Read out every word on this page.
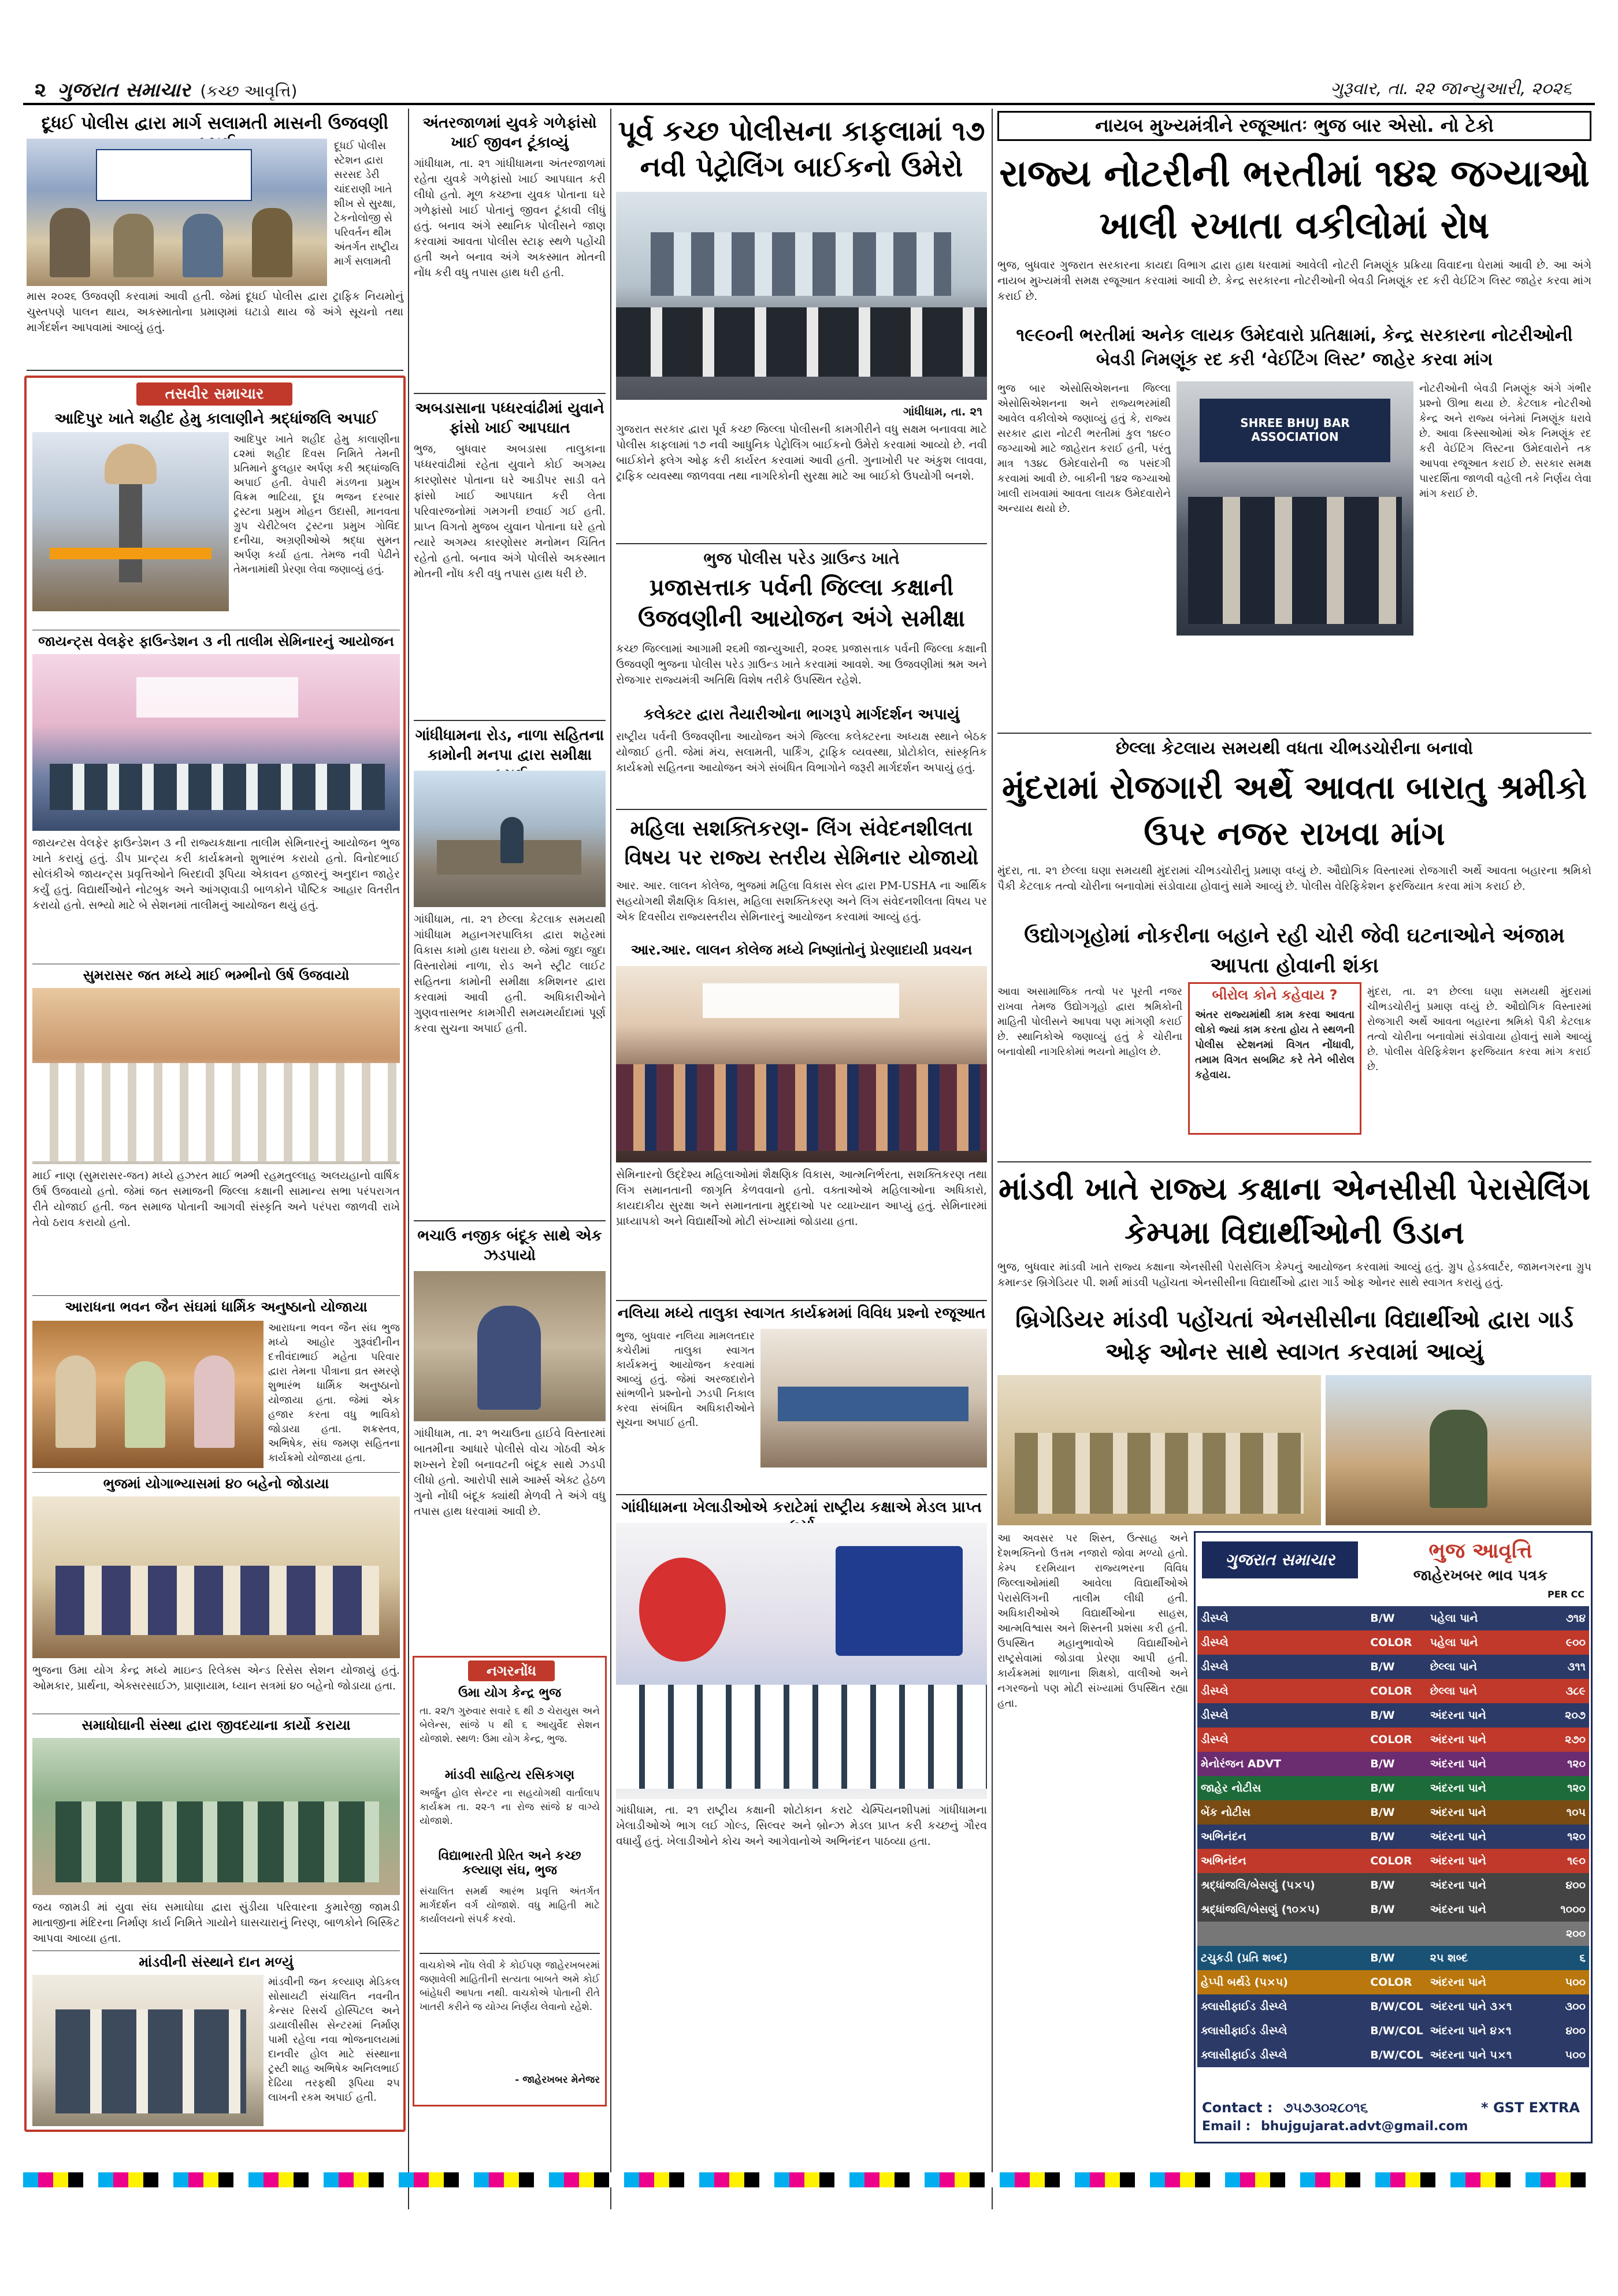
૨ ગુજરાત સમાચાર (કચ્છ આવૃત્તિ)	ગુરૂવાર, તા. ૨૨ જાન્યુઆરી, ૨૦૨૬
દૂધઈ પોલીસ દ્વારા માર્ગ સલામતી માસની ઉજવણી
દૂધઈ પોલીસ સ્ટેશન દ્વારા સરસદ ડેરી ચાંદરાણી ખાતે શીખ સે સુરક્ષા, ટેકનોલોજી સે પરિવર્તન થીમ અંતર્ગત રાષ્ટ્રીય માર્ગ સલામતી
માસ ૨૦૨૬ ઉજવણી કરવામાં આવી હતી. જેમાં દૂધઈ પોલીસ દ્વારા ટ્રાફિક નિયમોનું ચુસ્તપણે પાલન થાય, અકસ્માતોના પ્રમાણમાં ઘટાડો થાય જે અંગે સૂચનો તથા માર્ગદર્શન આપવામાં આવ્યું હતું.
તસવીર સમાચાર
આદિપુર ખાતે શહીદ હેમુ કાલાણીને શ્રદ્ધાંજલિ અપાઈ
આદિપુર ખાતે શહીદ હેમુ કાલાણીના ૮૨માં શહીદ દિવસ નિમિતે તેમની પ્રતિમાને ફુલહાર અર્પણ કરી શ્રદ્ધાંજલિ અપાઈ હતી. વેપારી મંડળના પ્રમુખ વિક્રમ ભાટિયા, દૂધ ભજન દરબાર ટ્રસ્ટના પ્રમુખ મોહન ઉદાસી, માનવતા ગ્રુપ ચેરીટેબલ ટ્રસ્ટના પ્રમુખ ગોવિંદ દનીચા, અગ્રણીઓએ શ્રદ્ધા સુમન અર્પણ કર્યા હતા. તેમજ નવી પેઢીને તેમનામાંથી પ્રેરણા લેવા જણાવ્યું હતું.
જાયન્ટ્સ વેલફેર ફાઉન્ડેશન ૩ ની તાલીમ સેમિનારનું આયોજન
જાયન્ટસ વેલફેર ફાઉન્ડેશન ૩ ની રાજ્યકક્ષાના તાલીમ સેમિનારનું આયોજન ભુજ ખાતે કરાયું હતું. ડીપ પ્રાન્ટ્ય કરી કાર્યક્રમનો શુભારંભ કરાયો હતો. વિનોદભાઈ સોલંકીએ જાયન્ટ્સ પ્રવૃત્તિઓને બિરદાવી રૂપિયા એકાવન હજારનું અનુદાન જાહેર કર્યું હતું. વિદ્યાર્થીઓને નોટબુક અને આંગણવાડી બાળકોને પૌષ્ટિક આહાર વિતરીત કરાયો હતો. સભ્યો માટે બે સેશનમાં તાલીમનું આયોજન થયું હતું.
સુમરાસર જત મધ્યે માઈ ભમ્ભીનો ઉર્ષ ઉજવાયો
માઈ નાણ (સુમરાસર-જત) મધ્યે હઝરત માઈ ભમ્ભી રહમતુલ્લાહ અલયહાનો વાર્ષિક ઉર્ષ ઉજવાયો હતો. જેમાં જત સમાજની જિલ્લા કક્ષાની સામાન્ય સભા પરંપરાગત રીતે યોજાઈ હતી. જત સમાજ પોતાની આગવી સંસ્કૃતિ અને પરંપરા જાળવી રાખે તેવો ઠરાવ કરાયો હતો.
આરાધના ભવન જૈન સંઘમાં ધાર્મિક અનુષ્ઠાનો યોજાયા
આરાધના ભવન જૈન સંઘ ભુજ મધ્યે આહોર ગુરૂવંદીનીન દત્તીવંદાભાઈ મહેતા પરિવાર દ્વારા તેમના પીત્રાના વ્રત સ્મરણે શુભારંભ ધાર્મિક અનુષ્ઠાનો યોજાયા હતા. જેમાં એક હજાર કરતા વધુ ભાવિકો જોડાયા હતા. શક્રસ્તવ, અભિષેક, સંઘ જમણ સહિતના કાર્યક્રમો યોજાયા હતા.
ભુજમાં યોગાભ્યાસમાં ૪૦ બહેનો જોડાયા
ભુજના ઉમા યોગ કેન્દ્ર મધ્યે માઇન્ડ રિલેક્સ એન્ડ રિસેસ સેશન યોજાયું હતું. ઓમકાર, પ્રાર્થના, એક્સરસાઈઝ, પ્રાણાયામ, ધ્યાન સત્રમાં ૪૦ બહેનો જોડાયા હતા.
સમાધોઘાની સંસ્થા દ્વારા જીવદયાના કાર્યો કરાયા
જય જામડી માં યુવા સંઘ સમાઘોઘા દ્વારા સુંડીયા પરિવારના કુમારેજી જામડી માતાજીના મંદિરના નિર્માણ કાર્ય નિમિતે ગાયોને ઘાસચારાનું નિરણ, બાળકોને બિસ્કિટ આપવા આવ્યા હતા.
માંડવીની સંસ્થાને દાન મળ્યું
માંડવીની જન કલ્યાણ મેડિકલ સોસાયટી સંચાલિત નવનીત કેન્સર રિસર્ચ હોસ્પિટલ અને ડાયાલીસીસ સેન્ટરમાં નિર્માણ પામી રહેલા નવા ભોજનાલયમાં દાનવીર હોલ માટે સંસ્થાના ટ્રસ્ટી શાહ અભિષેક અનિલભાઈ દેઢિયા તરફથી રૂપિયા ૨૫ લાખની રકમ અપાઈ હતી.
અંતરજાળમાં યુવકે ગળેફાંસો ખાઈ જીવન ટૂંકાવ્યું
ગાંધીધામ, તા. ૨૧ ગાંધીધામના અંતરજાળમાં રહેતા યુવકે ગળેફાંસો ખાઈ આપઘાત કરી લીધો હતો. મૂળ કચ્છના યુવક પોતાના ઘરે ગળેફાંસો ખાઈ પોતાનું જીવન ટૂંકાવી લીધું હતું. બનાવ અંગે સ્થાનિક પોલીસને જાણ કરવામાં આવતા પોલીસ સ્ટાફ સ્થળે પહોંચી હતી અને બનાવ અંગે અકસ્માત મોતની નોંધ કરી વધુ તપાસ હાથ ધરી હતી.
અબડાસાના પધ્ધરવાંઢીમાં યુવાને ફાંસો ખાઈ આપઘાત
ભુજ, બુધવાર અબડાસા તાલુકાના પધ્ધરવાંઢીમાં રહેતા યુવાને કોઈ અગમ્ય કારણોસર પોતાના ઘરે આડીપર સાડી વતે ફાંસો ખાઈ આપઘાત કરી લેતા પરિવારજનોમાં ગમગની છવાઈ ગઈ હતી. પ્રાપ્ત વિગતો મુજબ યુવાન પોતાના ઘરે હતો ત્યારે અગમ્ય કારણોસર મનોમન ચિંતિત રહેતો હતો. બનાવ અંગે પોલીસે અકસ્માત મોતની નોંધ કરી વધુ તપાસ હાથ ધરી છે.
ગાંધીધામના રોડ, નાળા સહિતના કામોની મનપા દ્વારા સમીક્ષા
ગાંધીધામ, તા. ૨૧ છેલ્લા કેટલાક સમયથી ગાંધીધામ મહાનગરપાલિકા દ્વારા શહેરમાં વિકાસ કામો હાથ ધરાયા છે. જેમાં જુદા જુદા વિસ્તારોમાં નાળા, રોડ અને સ્ટ્રીટ લાઈટ સહિતના કામોની સમીક્ષા કમિશનર દ્વારા કરવામાં આવી હતી. અધિકારીઓને ગુણવત્તાસભર કામગીરી સમયમર્યાદામાં પૂર્ણ કરવા સુચના અપાઈ હતી.
ભચાઉ નજીક બંદૂક સાથે એક ઝડપાયો
ગાંધીધામ, તા. ૨૧ ભચાઉના હાઈવે વિસ્તારમાં બાતમીના આધારે પોલીસે વોચ ગોઠવી એક શખ્સને દેશી બનાવટની બંદૂક સાથે ઝડપી લીધો હતો. આરોપી સામે આર્મ્સ એક્ટ હેઠળ ગુનો નોંધી બંદૂક ક્યાંથી મેળવી તે અંગે વધુ તપાસ હાથ ધરવામાં આવી છે.
નગરનોંધ
ઉમા યોગ કેન્દ્ર ભુજ
તા. ૨૨/૧ ગુરુવાર સવારે ૬ થી ૭ ચેરાયુસ અને બેલેન્સ, સાંજે ૫ થી ૬ આયુર્વેદ સેશન યોજાશે. સ્થળ: ઉમા યોગ કેન્દ્ર, ભુજ.
માંડવી સાહિત્ય રસિકગણ
અર્જુન હોલ સેન્ટર ના સહયોગથી વાર્તાલાપ કાર્યક્રમ તા. ૨૨-૧ ના રોજ સાંજે ૪ વાગ્યે યોજાશે.
વિદ્યાભારતી પ્રેરિત અને કચ્છ કલ્યાણ સંઘ, ભુજ
સંચાલિત સમર્થ આરંભ પ્રવૃત્તિ અંતર્ગત માર્ગદર્શન વર્ગ યોજાશે. વધુ માહિતી માટે કાર્યાલયનો સંપર્ક કરવો.
વાચકોએ નોંધ લેવી કે કોઈપણ જાહેરખબરમાં જણાવેલી માહિતીની સત્યતા બાબતે અમે કોઈ બાંહેધરી આપતા નથી. વાચકોએ પોતાની રીતે ખાતરી કરીને જ યોગ્ય નિર્ણય લેવાનો રહેશે.
- જાહેરખબર મેનેજર
પૂર્વ કચ્છ પોલીસના કાફલામાં ૧૭ નવી પેટ્રોલિંગ બાઈકનો ઉમેરો
ગાંધીધામ, તા. ૨૧
ગુજરાત સરકાર દ્વારા પૂર્વ કચ્છ જિલ્લા પોલીસની કામગીરીને વધુ સક્ષમ બનાવવા માટે પોલીસ કાફલામાં ૧૭ નવી આધુનિક પેટ્રોલિંગ બાઈકનો ઉમેરો કરવામાં આવ્યો છે. નવી બાઈકોને ફ્લેગ ઓફ કરી કાર્યરત કરવામાં આવી હતી. ગુનાખોરી પર અંકુશ લાવવા, ટ્રાફિક વ્યવસ્થા જાળવવા તથા નાગરિકોની સુરક્ષા માટે આ બાઈકો ઉપયોગી બનશે.
ભુજ પોલીસ પરેડ ગ્રાઉન્ડ ખાતે
પ્રજાસત્તાક પર્વની જિલ્લા કક્ષાની ઉજવણીની આયોજન અંગે સમીક્ષા
કચ્છ જિલ્લામાં આગામી ૨૬મી જાન્યુઆરી, ૨૦૨૬ પ્રજાસત્તાક પર્વની જિલ્લા કક્ષાની ઉજવણી ભુજના પોલીસ પરેડ ગ્રાઉન્ડ ખાતે કરવામાં આવશે. આ ઉજવણીમાં શ્રમ અને રોજગાર રાજ્યમંત્રી અતિથિ વિશેષ તરીકે ઉપસ્થિત રહેશે.
કલેક્ટર દ્વારા તૈયારીઓના ભાગરૂપે માર્ગદર્શન અપાયું
રાષ્ટ્રીય પર્વની ઉજવણીના આયોજન અંગે જિલ્લા કલેક્ટરના અધ્યક્ષ સ્થાને બેઠક યોજાઈ હતી. જેમાં મંચ, સલામતી, પાર્કિંગ, ટ્રાફિક વ્યવસ્થા, પ્રોટોકોલ, સાંસ્કૃતિક કાર્યક્રમો સહિતના આયોજન અંગે સંબંધિત વિભાગોને જરૂરી માર્ગદર્શન અપાયું હતું.
મહિલા સશક્તિકરણ- લિંગ સંવેદનશીલતા વિષય પર રાજ્ય સ્તરીય સેમિનાર યોજાયો
આર. આર. લાલન કોલેજ, ભુજમાં મહિલા વિકાસ સેલ દ્વારા PM-USHA ના આર્થિક સહયોગથી શૈક્ષણિક વિકાસ, મહિલા સશક્તિકરણ અને લિંગ સંવેદનશીલતા વિષય પર એક દિવસીય રાજ્યસ્તરીય સેમિનારનું આયોજન કરવામાં આવ્યું હતું.
આર.આર. લાલન કોલેજ મધ્યે નિષ્ણાંતોનું પ્રેરણાદાયી પ્રવચન
સેમિનારનો ઉદ્દેશ્ય મહિલાઓમાં શૈક્ષણિક વિકાસ, આત્મનિર્ભરતા, સશક્તિકરણ તથા લિંગ સમાનતાની જાગૃતિ કેળવવાનો હતો. વક્તાઓએ મહિલાઓના અધિકારો, કાયદાકીય સુરક્ષા અને સમાનતાના મુદ્દાઓ પર વ્યાખ્યાન આપ્યું હતું. સેમિનારમાં પ્રાધ્યાપકો અને વિદ્યાર્થીઓ મોટી સંખ્યામાં જોડાયા હતા.
નલિયા મધ્યે તાલુકા સ્વાગત કાર્યક્રમમાં વિવિધ પ્રશ્નો રજૂઆત
ભુજ, બુધવાર નલિયા મામલતદાર કચેરીમાં તાલુકા સ્વાગત કાર્યક્રમનું આયોજન કરવામાં આવ્યું હતું. જેમાં અરજદારોને સાંભળીને પ્રશ્નોનો ઝડપી નિકાલ કરવા સંબંધિત અધિકારીઓને સૂચના અપાઈ હતી.
ગાંધીધામના ખેલાડીઓએ કરાટેમાં રાષ્ટ્રીય કક્ષાએ મેડલ પ્રાપ્ત
ગાંધીધામ, તા. ૨૧ રાષ્ટ્રીય કક્ષાની શોટોકાન કરાટે ચેમ્પિયનશીપમાં ગાંધીધામના ખેલાડીઓએ ભાગ લઈ ગોલ્ડ, સિલ્વર અને બ્રોન્ઝ મેડલ પ્રાપ્ત કરી કચ્છનું ગૌરવ વધાર્યું હતું. ખેલાડીઓને કોચ અને આગેવાનોએ અભિનંદન પાઠવ્યા હતા.
નાયબ મુખ્યમંત્રીને રજૂઆતઃ ભુજ બાર એસો. નો ટેકો
રાજ્ય નોટરીની ભરતીમાં ૧૪૨ જગ્યાઓ ખાલી રખાતા વકીલોમાં રોષ
ભુજ, બુધવાર ગુજરાત સરકારના કાયદા વિભાગ દ્વારા હાથ ધરવામાં આવેલી નોટરી નિમણૂંક પ્રક્રિયા વિવાદના ઘેરામાં આવી છે. આ અંગે નાયબ મુખ્યમંત્રી સમક્ષ રજૂઆત કરવામાં આવી છે. કેન્દ્ર સરકારના નોટરીઓની બેવડી નિમણૂંક રદ કરી વેઈટિંગ લિસ્ટ જાહેર કરવા માંગ કરાઈ છે.
૧૯૯૦ની ભરતીમાં અનેક લાયક ઉમેદવારો પ્રતિક્ષામાં, કેન્દ્ર સરકારના નોટરીઓની બેવડી નિમણૂંક રદ કરી ‘વેઈટિંગ લિસ્ટ’ જાહેર કરવા માંગ
ભુજ બાર એસોસિએશનના જિલ્લા એસોસિએશનના અને રાજ્યભરમાંથી આવેલ વકીલોએ જણાવ્યું હતું કે, રાજ્ય સરકાર દ્વારા નોટરી ભરતીમાં કુલ ૧૪૯૦ જગ્યાઓ માટે જાહેરાત કરાઈ હતી, પરંતુ માત્ર ૧૩૪૮ ઉમેદવારોની જ પસંદગી કરવામાં આવી છે. બાકીની ૧૪૨ જગ્યાઓ ખાલી રાખવામાં આવતા લાયક ઉમેદવારોને અન્યાય થયો છે.
SHREE BHUJ BAR ASSOCIATION
નોટરીઓની બેવડી નિમણૂંક અંગે ગંભીર પ્રશ્નો ઊભા થયા છે. કેટલાક નોટરીઓ કેન્દ્ર અને રાજ્ય બંનેમાં નિમણૂંક ધરાવે છે. આવા કિસ્સાઓમાં એક નિમણૂંક રદ કરી વેઈટિંગ લિસ્ટના ઉમેદવારોને તક આપવા રજૂઆત કરાઈ છે. સરકાર સમક્ષ પારદર્શિતા જાળવી વહેલી તકે નિર્ણય લેવા માંગ કરાઈ છે.
છેલ્લા કેટલાય સમયથી વધતા ચીભડચોરીના બનાવો
મુંદરામાં રોજગારી અર્થે આવતા બારાતુ શ્રમીકો ઉપર નજર રાખવા માંગ
મુંદરા, તા. ૨૧ છેલ્લા ઘણા સમયથી મુંદરામાં ચીભડચોરીનું પ્રમાણ વધ્યું છે. ઔદ્યોગિક વિસ્તારમાં રોજગારી અર્થે આવતા બહારના શ્રમિકો પૈકી કેટલાક તત્વો ચોરીના બનાવોમાં સંડોવાયા હોવાનું સામે આવ્યું છે. પોલીસ વેરિફિકેશન ફરજિયાત કરવા માંગ કરાઈ છે.
ઉદ્યોગગૃહોમાં નોકરીના બહાને રહી ચોરી જેવી ઘટનાઓને અંજામ આપતા હોવાની શંકા
આવા અસામાજિક તત્વો પર પૂરતી નજર રાખવા તેમજ ઉદ્યોગગૃહો દ્વારા શ્રમિકોની માહિતી પોલીસને આપવા પણ માંગણી કરાઈ છે. સ્થાનિકોએ જણાવ્યું હતું કે ચોરીના બનાવોથી નાગરિકોમાં ભયનો માહોલ છે.
બીરોલ કોને કહેવાય ?
અંતર રાજ્યમાંથી કામ કરવા આવતા લોકો જ્યાં કામ કરતા હોય તે સ્થળની પોલીસ સ્ટેશનમાં વિગત નોંધાવી, તમામ વિગત સબમિટ કરે તેને બીરોલ કહેવાય.
મુંદરા, તા. ૨૧ છેલ્લા ઘણા સમયથી મુંદરામાં ચીભડચોરીનું પ્રમાણ વધ્યું છે. ઔદ્યોગિક વિસ્તારમાં રોજગારી અર્થે આવતા બહારના શ્રમિકો પૈકી કેટલાક તત્વો ચોરીના બનાવોમાં સંડોવાયા હોવાનું સામે આવ્યું છે. પોલીસ વેરિફિકેશન ફરજિયાત કરવા માંગ કરાઈ છે.
માંડવી ખાતે રાજ્ય કક્ષાના એનસીસી પેરાસેલિંગ કેમ્પમા વિદ્યાર્થીઓની ઉડાન
ભુજ, બુધવાર માંડવી ખાતે રાજ્ય કક્ષાના એનસીસી પેરાસેલિંગ કેમ્પનું આયોજન કરવામાં આવ્યું હતું. ગ્રુપ હેડક્વાર્ટર, જામનગરના ગ્રુપ કમાન્ડર બ્રિગેડિયર પી. શર્મા માંડવી પહોંચતા એનસીસીના વિદ્યાર્થીઓ દ્વારા ગાર્ડ ઓફ ઓનર સાથે સ્વાગત કરાયું હતું.
બ્રિગેડિયર માંડવી પહોંચતાં એનસીસીના વિદ્યાર્થીઓ દ્વારા ગાર્ડ ઓફ ઓનર સાથે સ્વાગત કરવામાં આવ્યું
આ અવસર પર શિસ્ત, ઉત્સાહ અને દેશભક્તિનો ઉત્તમ નજારો જોવા મળ્યો હતો. કેમ્પ દરમિયાન રાજ્યભરના વિવિધ જિલ્લાઓમાંથી આવેલા વિદ્યાર્થીઓએ પેરાસેલિંગની તાલીમ લીધી હતી. અધિકારીઓએ વિદ્યાર્થીઓના સાહસ, આત્મવિશ્વાસ અને શિસ્તની પ્રશંસા કરી હતી. ઉપસ્થિત મહાનુભાવોએ વિદ્યાર્થીઓને રાષ્ટ્રસેવામાં જોડાવા પ્રેરણા આપી હતી. કાર્યક્રમમાં શાળાના શિક્ષકો, વાલીઓ અને નગરજનો પણ મોટી સંખ્યામાં ઉપસ્થિત રહ્યા હતા.
ગુજરાત સમાચાર	ભુજ આવૃત્તિ
જાહેરખબર ભાવ પત્રક
PER CC
ડીસ્પ્લે	B/W	પહેલા પાને	૭૧૪
ડીસ્પ્લે	COLOR	પહેલા પાને	૯૦૦
ડીસ્પ્લે	B/W	છેલ્લા પાને	૩૧૧
ડીસ્પ્લે	COLOR	છેલ્લા પાને	૩૮૯
ડીસ્પ્લે	B/W	અંદરના પાને	૨૦૭
ડીસ્પ્લે	COLOR	અંદરના પાને	૨૭૦
મેનોરંજન ADVT	B/W	અંદરના પાને	૧૨૦
જાહેર નોટીસ	B/W	અંદરના પાને	૧૨૦
બેંક નોટીસ	B/W	અંદરના પાને	૧૦૫
અભિનંદન	B/W	અંદરના પાને	૧૨૦
અભિનંદન	COLOR	અંદરના પાને	૧૯૦
શ્રદ્ધાંજલિ/બેસણું (૫×૫)	B/W	અંદરના પાને	૪૦૦
શ્રદ્ધાંજલિ/બેસણું (૧૦×૫)	B/W	અંદરના પાને	૧૦૦૦
			૨૦૦
ટચુકડી (પ્રતિ શબ્દ)	B/W	૨૫ શબ્દ	૬
હેપ્પી બર્થડે (૫×૫)	COLOR	અંદરના પાને	૫૦૦
ક્લાસીફાઈડ ડીસ્પ્લે	B/W/COL	અંદરના પાને ૩×૧	૩૦૦
ક્લાસીફાઈડ ડીસ્પ્લે	B/W/COL	અંદરના પાને ૪×૧	૪૦૦
ક્લાસીફાઈડ ડીસ્પ્લે	B/W/COL	અંદરના પાને ૫×૧	૫૦૦
Contact : ૭૫૭૩૦૨૮૦૧૬	* GST EXTRA
Email : bhujgujarat.advt@gmail.com
